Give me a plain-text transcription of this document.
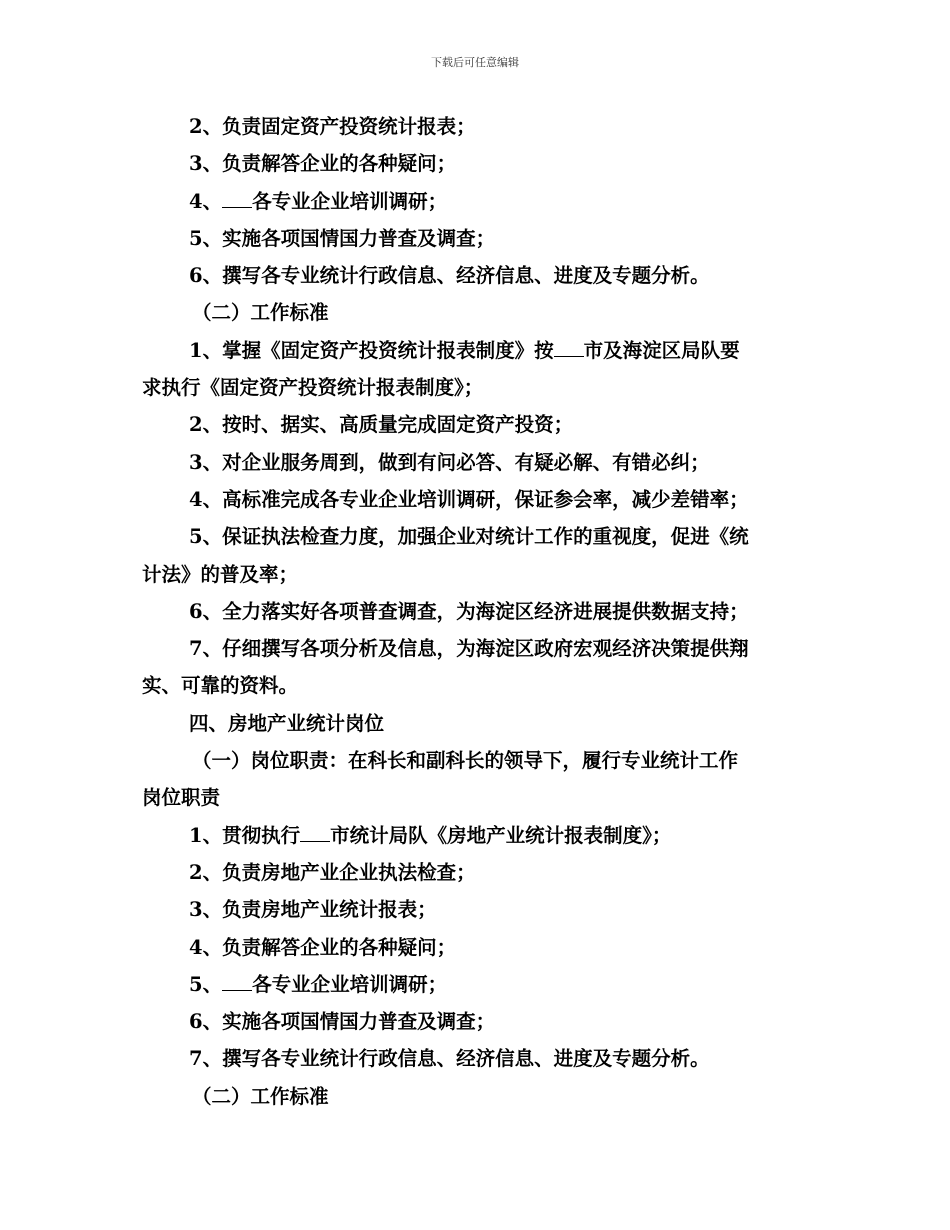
下载后可任意编辑
2、负责固定资产投资统计报表；
3、负责解答企业的各种疑问；
4、 各专业企业培训调研；
5、实施各项国情国力普查及调查；
6、撰写各专业统计行政信息、经济信息、进度及专题分析。
（二）工作标准
1、掌握《固定资产投资统计报表制度》按 市及海淀区局队要
求执行《固定资产投资统计报表制度》；
2、按时、据实、高质量完成固定资产投资；
3、对企业服务周到，做到有问必答、有疑必解、有错必纠；
4、高标准完成各专业企业培训调研，保证参会率，减少差错率；
5、保证执法检查力度，加强企业对统计工作的重视度，促进《统
计法》的普及率；
6、全力落实好各项普查调查，为海淀区经济进展提供数据支持；
7、仔细撰写各项分析及信息，为海淀区政府宏观经济决策提供翔
实、可靠的资料。
四、房地产业统计岗位
（一）岗位职责：在科长和副科长的领导下，履行专业统计工作
岗位职责
1、贯彻执行 市统计局队《房地产业统计报表制度》；
2、负责房地产业企业执法检查；
3、负责房地产业统计报表；
4、负责解答企业的各种疑问；
5、 各专业企业培训调研；
6、实施各项国情国力普查及调查；
7、撰写各专业统计行政信息、经济信息、进度及专题分析。
（二）工作标准
